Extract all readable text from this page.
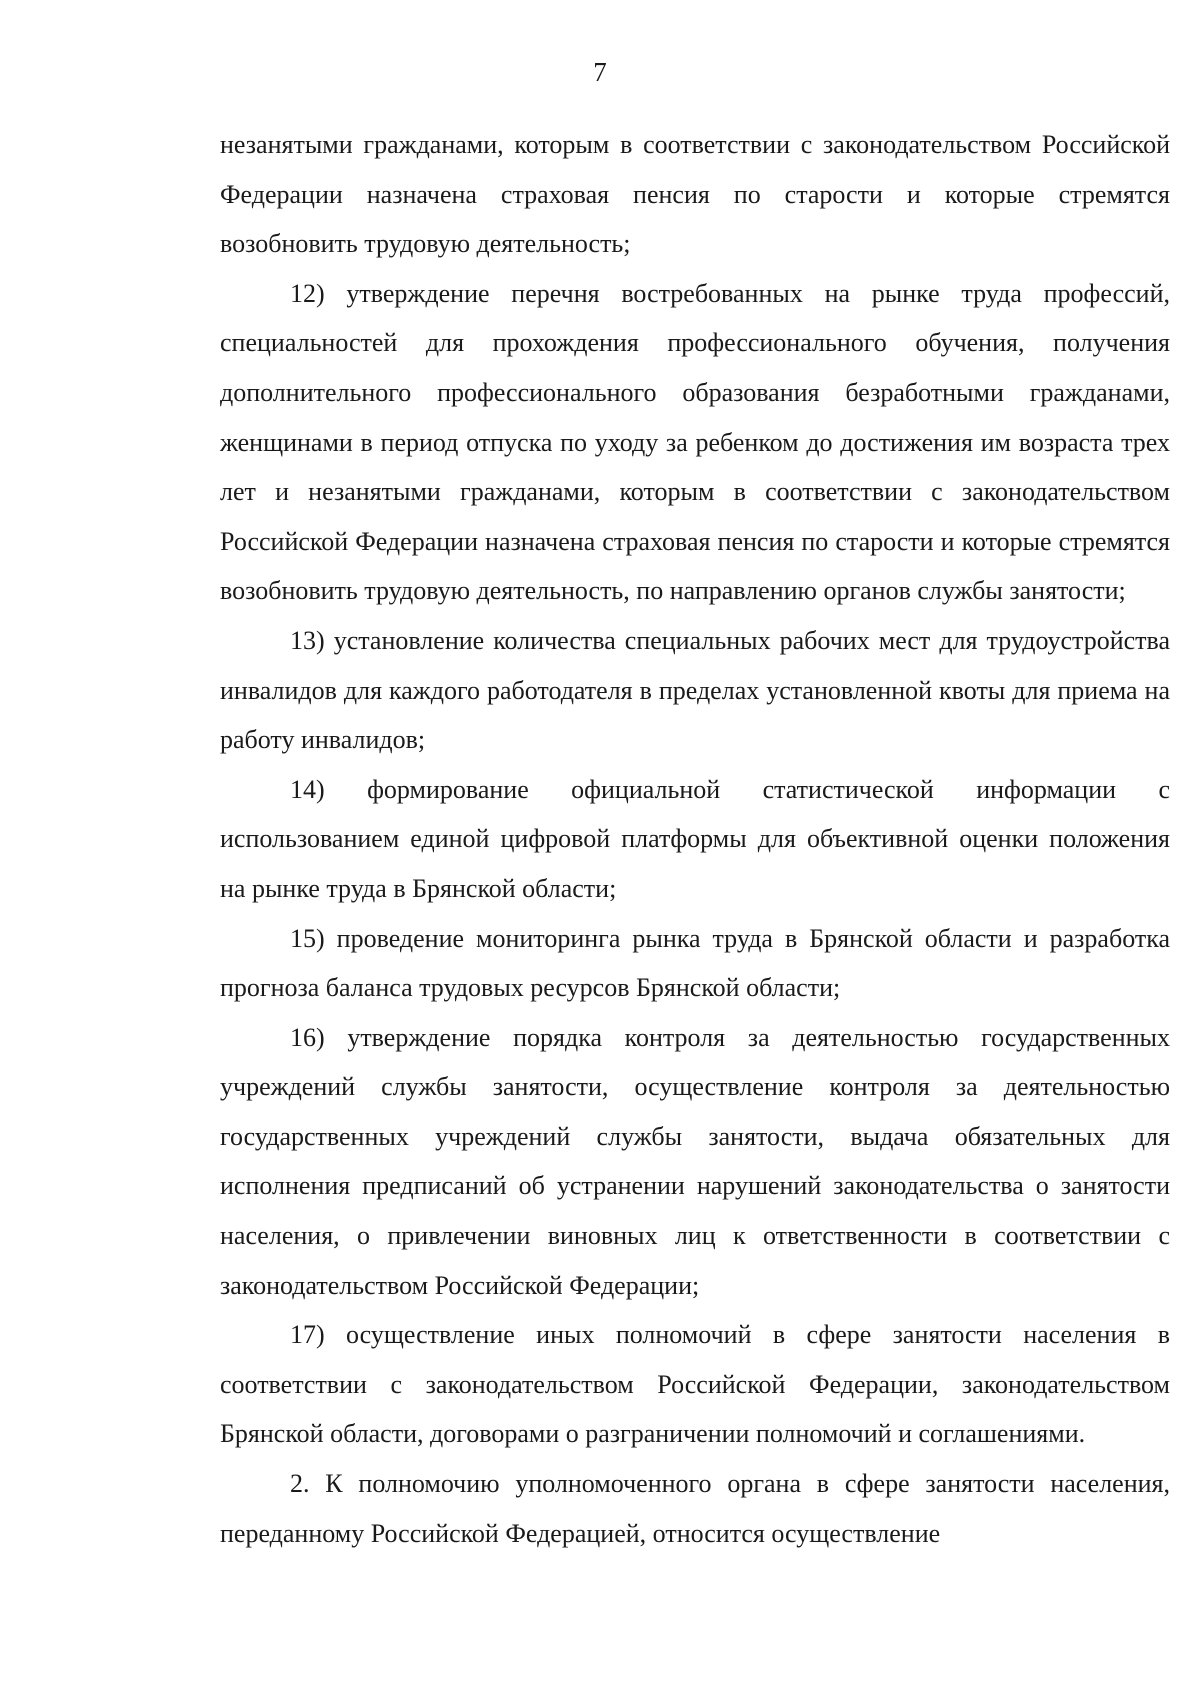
7

незанятыми гражданами, которым в соответствии с законодательством Российской Федерации назначена страховая пенсия по старости и которые стремятся возобновить трудовую деятельность;

12) утверждение перечня востребованных на рынке труда профессий, специальностей для прохождения профессионального обучения, получения дополнительного профессионального образования безработными гражданами, женщинами в период отпуска по уходу за ребенком до достижения им возраста трех лет и незанятыми гражданами, которым в соответствии с законодательством Российской Федерации назначена страховая пенсия по старости и которые стремятся возобновить трудовую деятельность, по направлению органов службы занятости;

13) установление количества специальных рабочих мест для трудоустройства инвалидов для каждого работодателя в пределах установленной квоты для приема на работу инвалидов;

14) формирование официальной статистической информации с использованием единой цифровой платформы для объективной оценки положения на рынке труда в Брянской области;

15) проведение мониторинга рынка труда в Брянской области и разработка прогноза баланса трудовых ресурсов Брянской области;

16) утверждение порядка контроля за деятельностью государственных учреждений службы занятости, осуществление контроля за деятельностью государственных учреждений службы занятости, выдача обязательных для исполнения предписаний об устранении нарушений законодательства о занятости населения, о привлечении виновных лиц к ответственности в соответствии с законодательством Российской Федерации;

17) осуществление иных полномочий в сфере занятости населения в соответствии с законодательством Российской Федерации, законодательством Брянской области, договорами о разграничении полномочий и соглашениями.

2. К полномочию уполномоченного органа в сфере занятости населения, переданному Российской Федерацией, относится осуществление
